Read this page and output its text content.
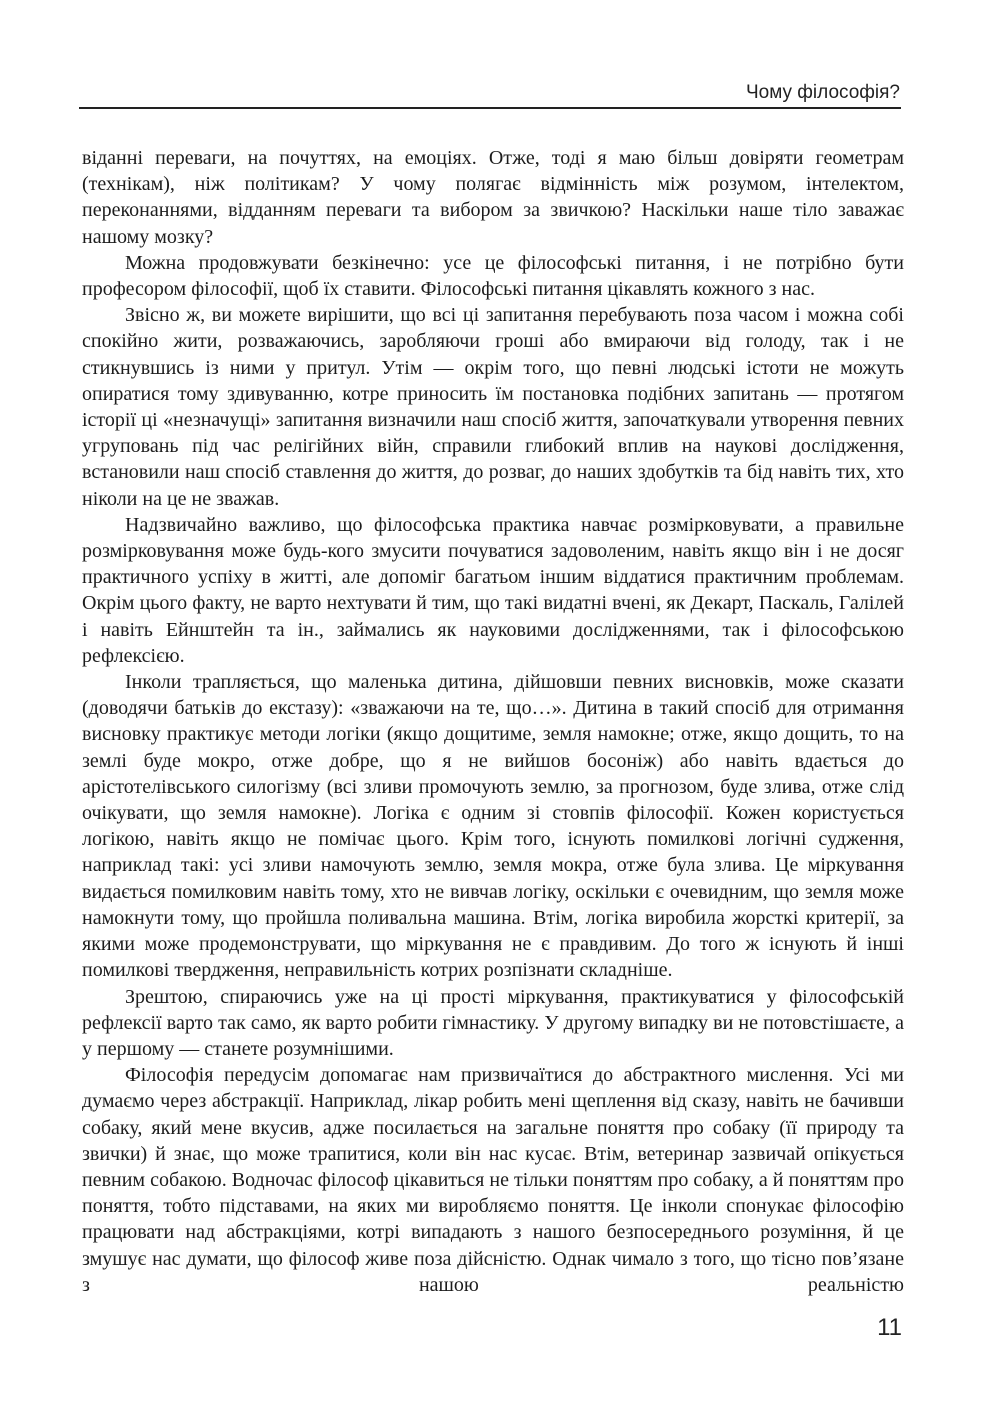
Чому філософія?

віданні переваги, на почуттях, на емоціях. Отже, тоді я маю більш довіряти геометрам (технікам), ніж політикам? У чому полягає відмінність між розумом, інтелектом, переконаннями, відданням переваги та вибором за звичкою? Наскільки наше тіло заважає нашому мозку?

Можна продовжувати безкінечно: усе це філософські питання, і не потрібно бути професором філософії, щоб їх ставити. Філософські питання цікавлять кожного з нас.

Звісно ж, ви можете вирішити, що всі ці запитання перебувають поза часом і можна собі спокійно жити, розважаючись, заробляючи гроші або вмираючи від голоду, так і не стикнувшись із ними у притул. Утім — окрім того, що певні людські істоти не можуть опиратися тому здивуванню, котре приносить їм постановка подібних запитань — протягом історії ці «незначущі» запитання визначили наш спосіб життя, започаткували утворення певних угруповань під час релігійних війн, справили глибокий вплив на наукові дослідження, встановили наш спосіб ставлення до життя, до розваг, до наших здобутків та бід навіть тих, хто ніколи на це не зважав.

Надзвичайно важливо, що філософська практика навчає розмірковувати, а правильне розмірковування може будь-кого змусити почуватися задоволеним, навіть якщо він і не досяг практичного успіху в житті, але допоміг багатьом іншим віддатися практичним проблемам. Окрім цього факту, не варто нехтувати й тим, що такі видатні вчені, як Декарт, Паскаль, Галілей і навіть Ейнштейн та ін., займались як науковими дослідженнями, так і філософською рефлексією.

Інколи трапляється, що маленька дитина, дійшовши певних висновків, може сказати (доводячи батьків до екстазу): «зважаючи на те, що…». Дитина в такий спосіб для отримання висновку практикує методи логіки (якщо дощитиме, земля намокне; отже, якщо дощить, то на землі буде мокро, отже добре, що я не вийшов босоніж) або навіть вдається до арістотелівського силогізму (всі зливи промочують землю, за прогнозом, буде злива, отже слід очікувати, що земля намокне). Логіка є одним зі стовпів філософії. Кожен користується логікою, навіть якщо не помічає цього. Крім того, існують помилкові логічні судження, наприклад такі: усі зливи намочують землю, земля мокра, отже була злива. Це міркування видається помилковим навіть тому, хто не вивчав логіку, оскільки є очевидним, що земля може намокнути тому, що пройшла поливальна машина. Втім, логіка виробила жорсткі критерії, за якими може продемонструвати, що міркування не є правдивим. До того ж існують й інші помилкові твердження, неправильність котрих розпізнати складніше.

Зрештою, спираючись уже на ці прості міркування, практикуватися у філософській рефлексії варто так само, як варто робити гімнастику. У другому випадку ви не потовстішаєте, а у першому — станете розумнішими.

Філософія передусім допомагає нам призвичаїтися до абстрактного мислення. Усі ми думаємо через абстракції. Наприклад, лікар робить мені щеплення від сказу, навіть не бачивши собаку, який мене вкусив, адже посилається на загальне поняття про собаку (її природу та звички) й знає, що може трапитися, коли він нас кусає. Втім, ветеринар зазвичай опікується певним собакою. Водночас філософ цікавиться не тільки поняттям про собаку, а й поняттям про поняття, тобто підставами, на яких ми виробляємо поняття. Це інколи спонукає філософію працювати над абстракціями, котрі випадають з нашого безпосереднього розуміння, й це змушує нас думати, що філософ живе поза дійсністю. Однак чимало з того, що тісно пов’язане з нашою реальністю

11
